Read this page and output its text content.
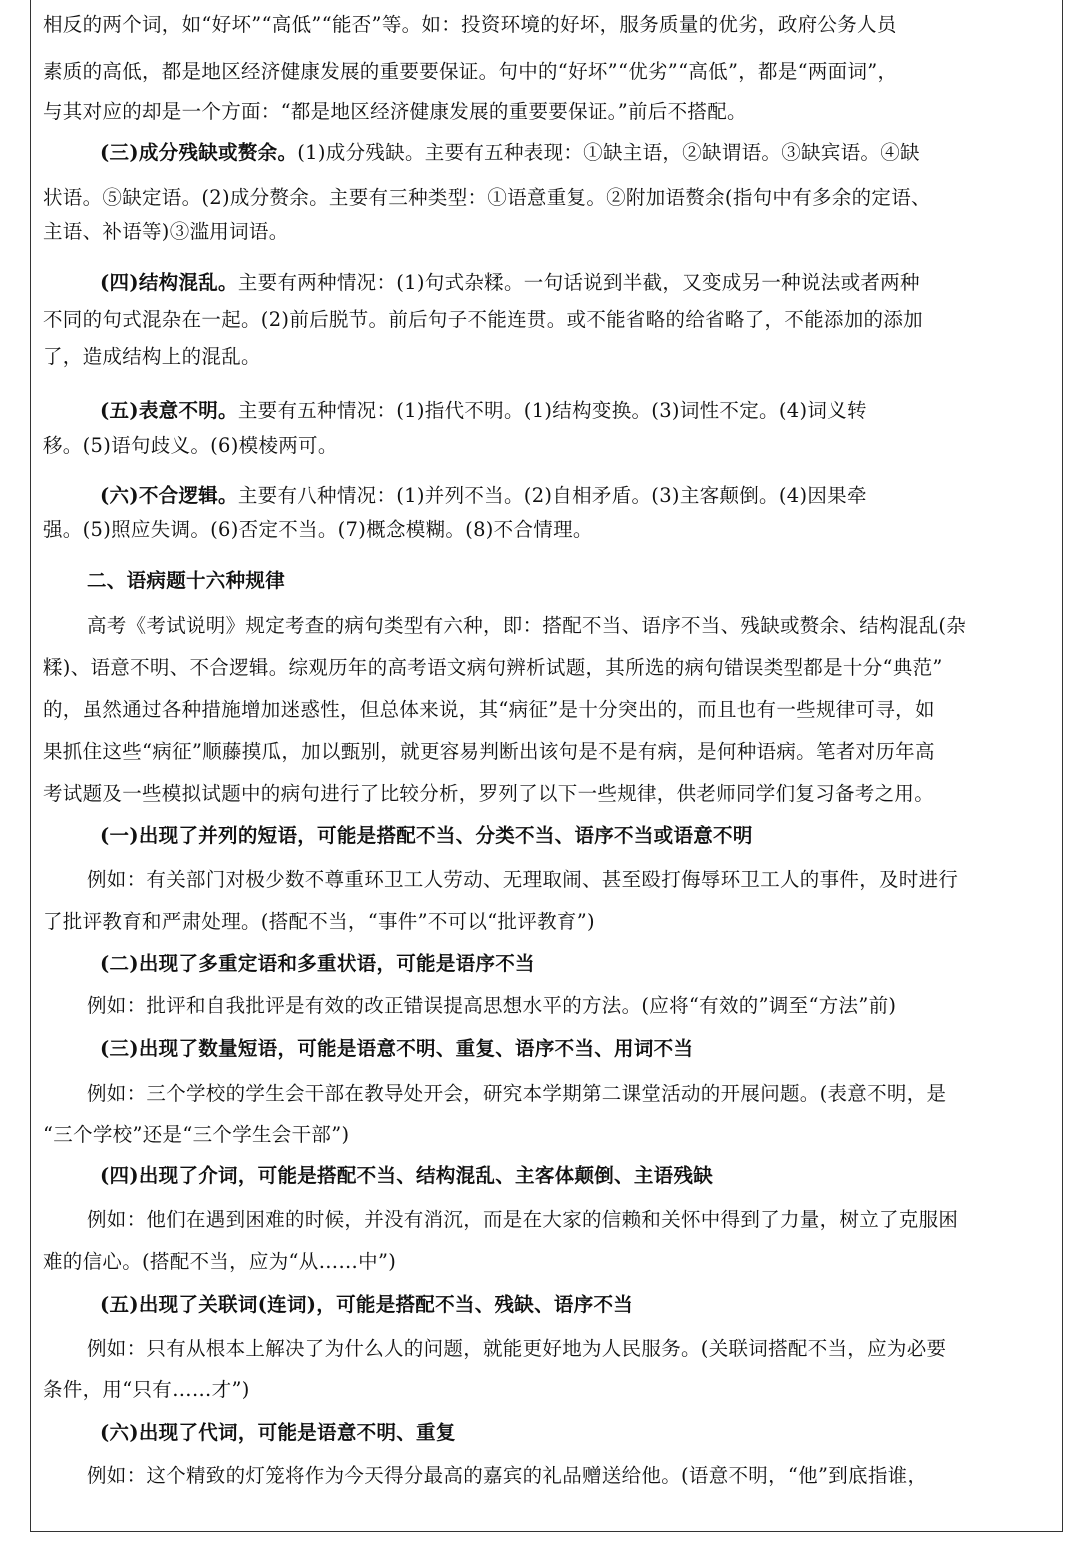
相反的两个词，如“好坏”“高低”“能否”等。如：投资环境的好坏，服务质量的优劣，政府公务人员
素质的高低，都是地区经济健康发展的重要要保证。句中的“好坏”“优劣”“高低”，都是“两面词”，
与其对应的却是一个方面：“都是地区经济健康发展的重要要保证。”前后不搭配。
(三)成分残缺或赘余。(1)成分残缺。主要有五种表现：①缺主语，②缺谓语。③缺宾语。④缺
状语。⑤缺定语。(2)成分赘余。主要有三种类型：①语意重复。②附加语赘余(指句中有多余的定语、
主语、补语等)③滥用词语。
(四)结构混乱。主要有两种情况：(1)句式杂糅。一句话说到半截，又变成另一种说法或者两种
不同的句式混杂在一起。(2)前后脱节。前后句子不能连贯。或不能省略的给省略了，不能添加的添加
了，造成结构上的混乱。
(五)表意不明。主要有五种情况：(1)指代不明。(1)结构变换。(3)词性不定。(4)词义转
移。(5)语句歧义。(6)模棱两可。
(六)不合逻辑。主要有八种情况：(1)并列不当。(2)自相矛盾。(3)主客颠倒。(4)因果牵
强。(5)照应失调。(6)否定不当。(7)概念模糊。(8)不合情理。
二、语病题十六种规律
高考《考试说明》规定考查的病句类型有六种，即：搭配不当、语序不当、残缺或赘余、结构混乱(杂
糅)、语意不明、不合逻辑。综观历年的高考语文病句辨析试题，其所选的病句错误类型都是十分“典范”
的，虽然通过各种措施增加迷惑性，但总体来说，其“病征”是十分突出的，而且也有一些规律可寻，如
果抓住这些“病征”顺藤摸瓜，加以甄别，就更容易判断出该句是不是有病，是何种语病。笔者对历年高
考试题及一些模拟试题中的病句进行了比较分析，罗列了以下一些规律，供老师同学们复习备考之用。
(一)出现了并列的短语，可能是搭配不当、分类不当、语序不当或语意不明
例如：有关部门对极少数不尊重环卫工人劳动、无理取闹、甚至殴打侮辱环卫工人的事件，及时进行
了批评教育和严肃处理。(搭配不当，“事件”不可以“批评教育”)
(二)出现了多重定语和多重状语，可能是语序不当
例如：批评和自我批评是有效的改正错误提高思想水平的方法。(应将“有效的”调至“方法”前)
(三)出现了数量短语，可能是语意不明、重复、语序不当、用词不当
例如：三个学校的学生会干部在教导处开会，研究本学期第二课堂活动的开展问题。(表意不明，是
“三个学校”还是“三个学生会干部”)
(四)出现了介词，可能是搭配不当、结构混乱、主客体颠倒、主语残缺
例如：他们在遇到困难的时候，并没有消沉，而是在大家的信赖和关怀中得到了力量，树立了克服困
难的信心。(搭配不当，应为“从……中”)
(五)出现了关联词(连词)，可能是搭配不当、残缺、语序不当
例如：只有从根本上解决了为什么人的问题，就能更好地为人民服务。(关联词搭配不当，应为必要
条件，用“只有……才”)
(六)出现了代词，可能是语意不明、重复
例如：这个精致的灯笼将作为今天得分最高的嘉宾的礼品赠送给他。(语意不明，“他”到底指谁，
